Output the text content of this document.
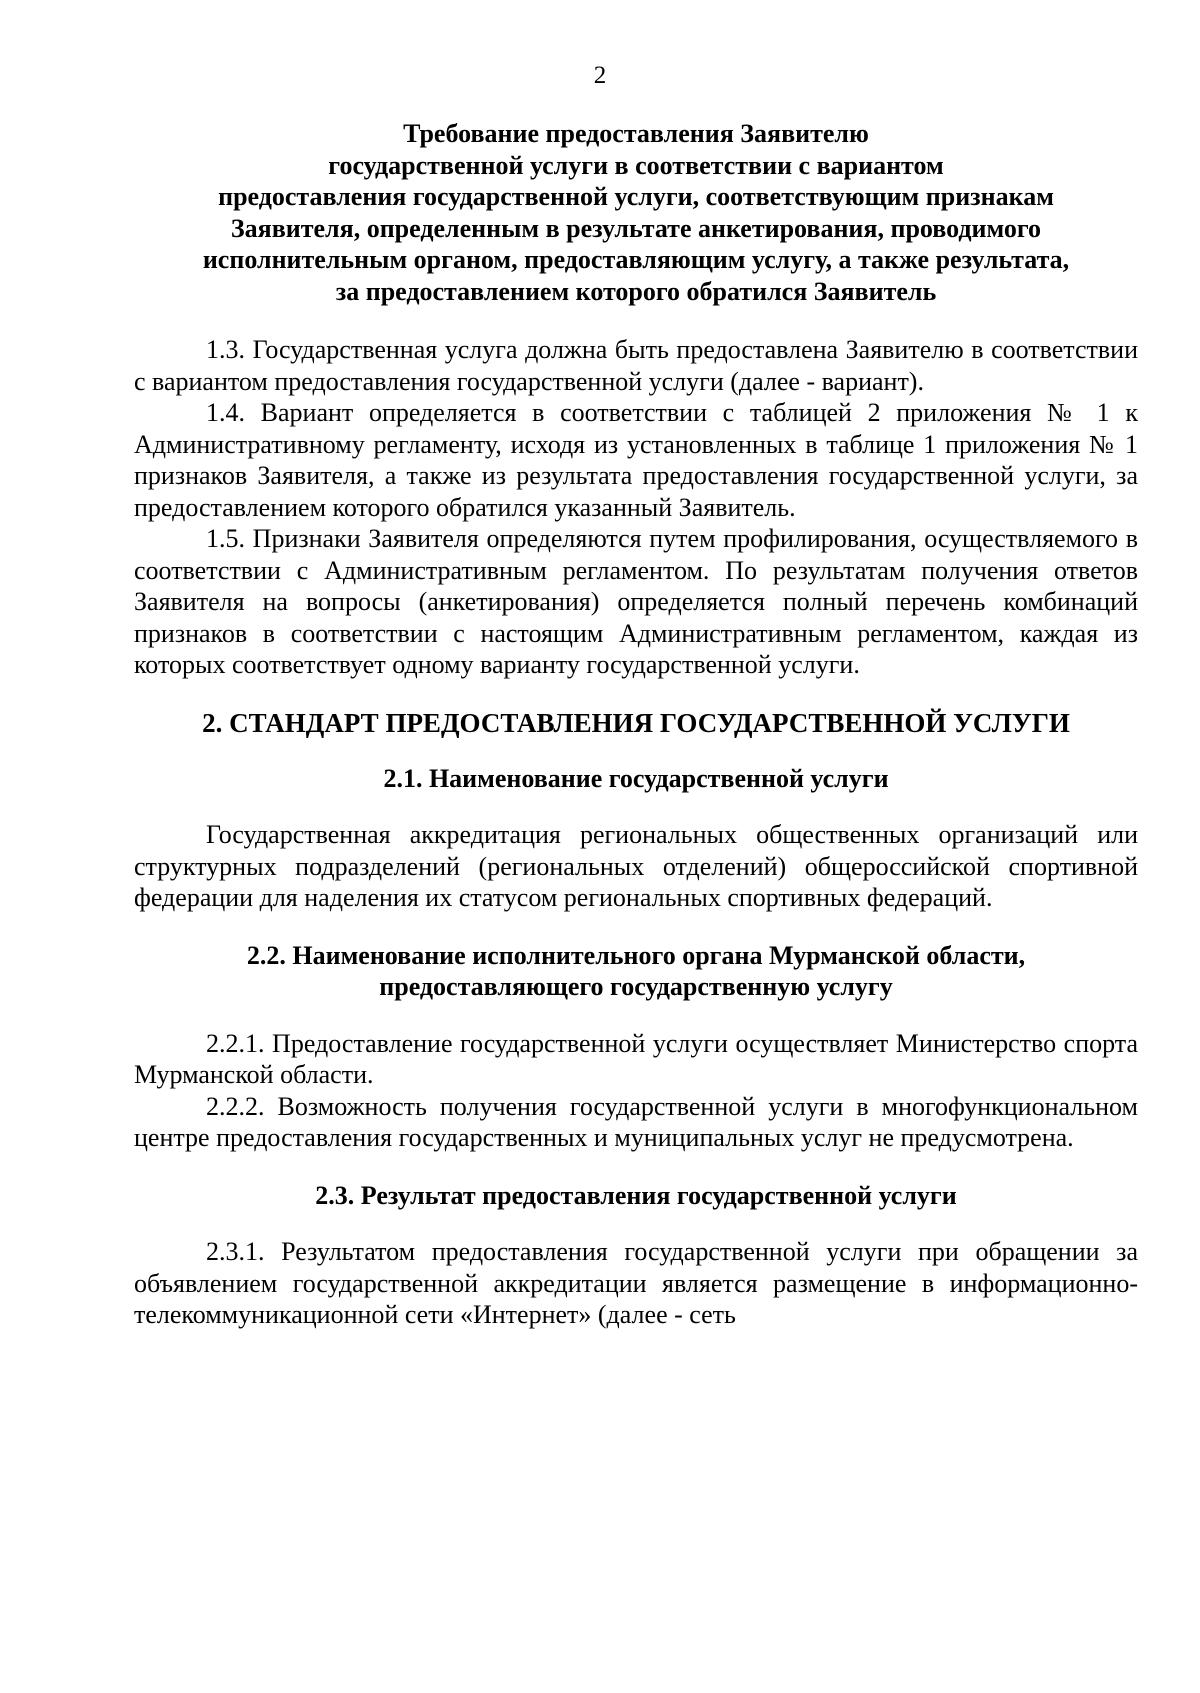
2
Требование предоставления Заявителю
государственной услуги в соответствии с вариантом
предоставления государственной услуги, соответствующим признакам
Заявителя, определенным в результате анкетирования, проводимого
исполнительным органом, предоставляющим услугу, а также результата,
за предоставлением которого обратился Заявитель

1.3. Государственная услуга должна быть предоставлена Заявителю в соответствии с вариантом предоставления государственной услуги (далее - вариант).

1.4. Вариант определяется в соответствии с таблицей 2 приложения № 1 к Административному регламенту, исходя из установленных в таблице 1 приложения № 1 признаков Заявителя, а также из результата предоставления государственной услуги, за предоставлением которого обратился указанный Заявитель.

1.5. Признаки Заявителя определяются путем профилирования, осуществляемого в соответствии с Административным регламентом. По результатам получения ответов Заявителя на вопросы (анкетирования) определяется полный перечень комбинаций признаков в соответствии с настоящим Административным регламентом, каждая из которых соответствует одному варианту государственной услуги.

2. СТАНДАРТ ПРЕДОСТАВЛЕНИЯ ГОСУДАРСТВЕННОЙ УСЛУГИ
2.1. Наименование государственной услуги

Государственная аккредитация региональных общественных организаций или структурных подразделений (региональных отделений) общероссийской спортивной федерации для наделения их статусом региональных спортивных федераций.

2.2. Наименование исполнительного органа Мурманской области,
предоставляющего государственную услугу

2.2.1. Предоставление государственной услуги осуществляет Министерство спорта Мурманской области.

2.2.2. Возможность получения государственной услуги в многофункциональном центре предоставления государственных и муниципальных услуг не предусмотрена.

2.3. Результат предоставления государственной услуги

2.3.1. Результатом предоставления государственной услуги при обращении за объявлением государственной аккредитации является размещение в информационно-телекоммуникационной сети «Интернет» (далее - сеть
